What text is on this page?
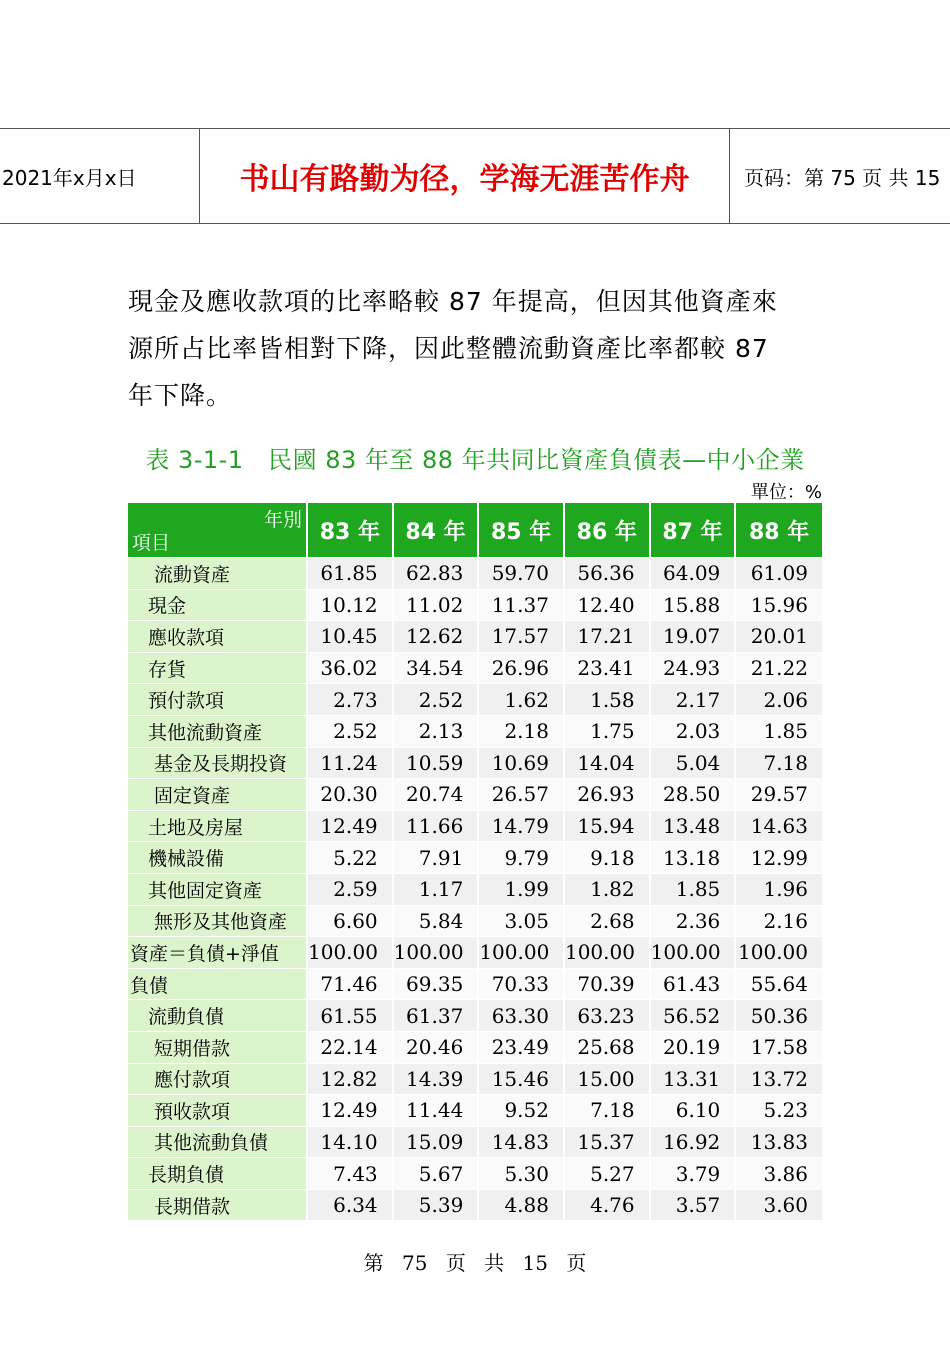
2021年x月x日	书山有路勤为径，学海无涯苦作舟	页码：第 75 页 共 15
現金及應收款項的比率略較 87 年提高，但因其他資產來
源所占比率皆相對下降，因此整體流動資產比率都較 87
年下降。
表 3-1-1　民國 83 年至 88 年共同比資產負債表—中小企業
單位：%
年別
項目	83 年	84 年	85 年	86 年	87 年	88 年
流動資產	61.85	62.83	59.70	56.36	64.09	61.09
現金	10.12	11.02	11.37	12.40	15.88	15.96
應收款項	10.45	12.62	17.57	17.21	19.07	20.01
存貨	36.02	34.54	26.96	23.41	24.93	21.22
預付款項	2.73	2.52	1.62	1.58	2.17	2.06
其他流動資產	2.52	2.13	2.18	1.75	2.03	1.85
基金及長期投資	11.24	10.59	10.69	14.04	5.04	7.18
固定資產	20.30	20.74	26.57	26.93	28.50	29.57
土地及房屋	12.49	11.66	14.79	15.94	13.48	14.63
機械設備	5.22	7.91	9.79	9.18	13.18	12.99
其他固定資產	2.59	1.17	1.99	1.82	1.85	1.96
無形及其他資產	6.60	5.84	3.05	2.68	2.36	2.16
資產＝負債+淨值	100.00	100.00	100.00	100.00	100.00	100.00
負債	71.46	69.35	70.33	70.39	61.43	55.64
流動負債	61.55	61.37	63.30	63.23	56.52	50.36
短期借款	22.14	20.46	23.49	25.68	20.19	17.58
應付款項	12.82	14.39	15.46	15.00	13.31	13.72
預收款項	12.49	11.44	9.52	7.18	6.10	5.23
其他流動負債	14.10	15.09	14.83	15.37	16.92	13.83
長期負債	7.43	5.67	5.30	5.27	3.79	3.86
長期借款	6.34	5.39	4.88	4.76	3.57	3.60
第 75 页 共 15 页
